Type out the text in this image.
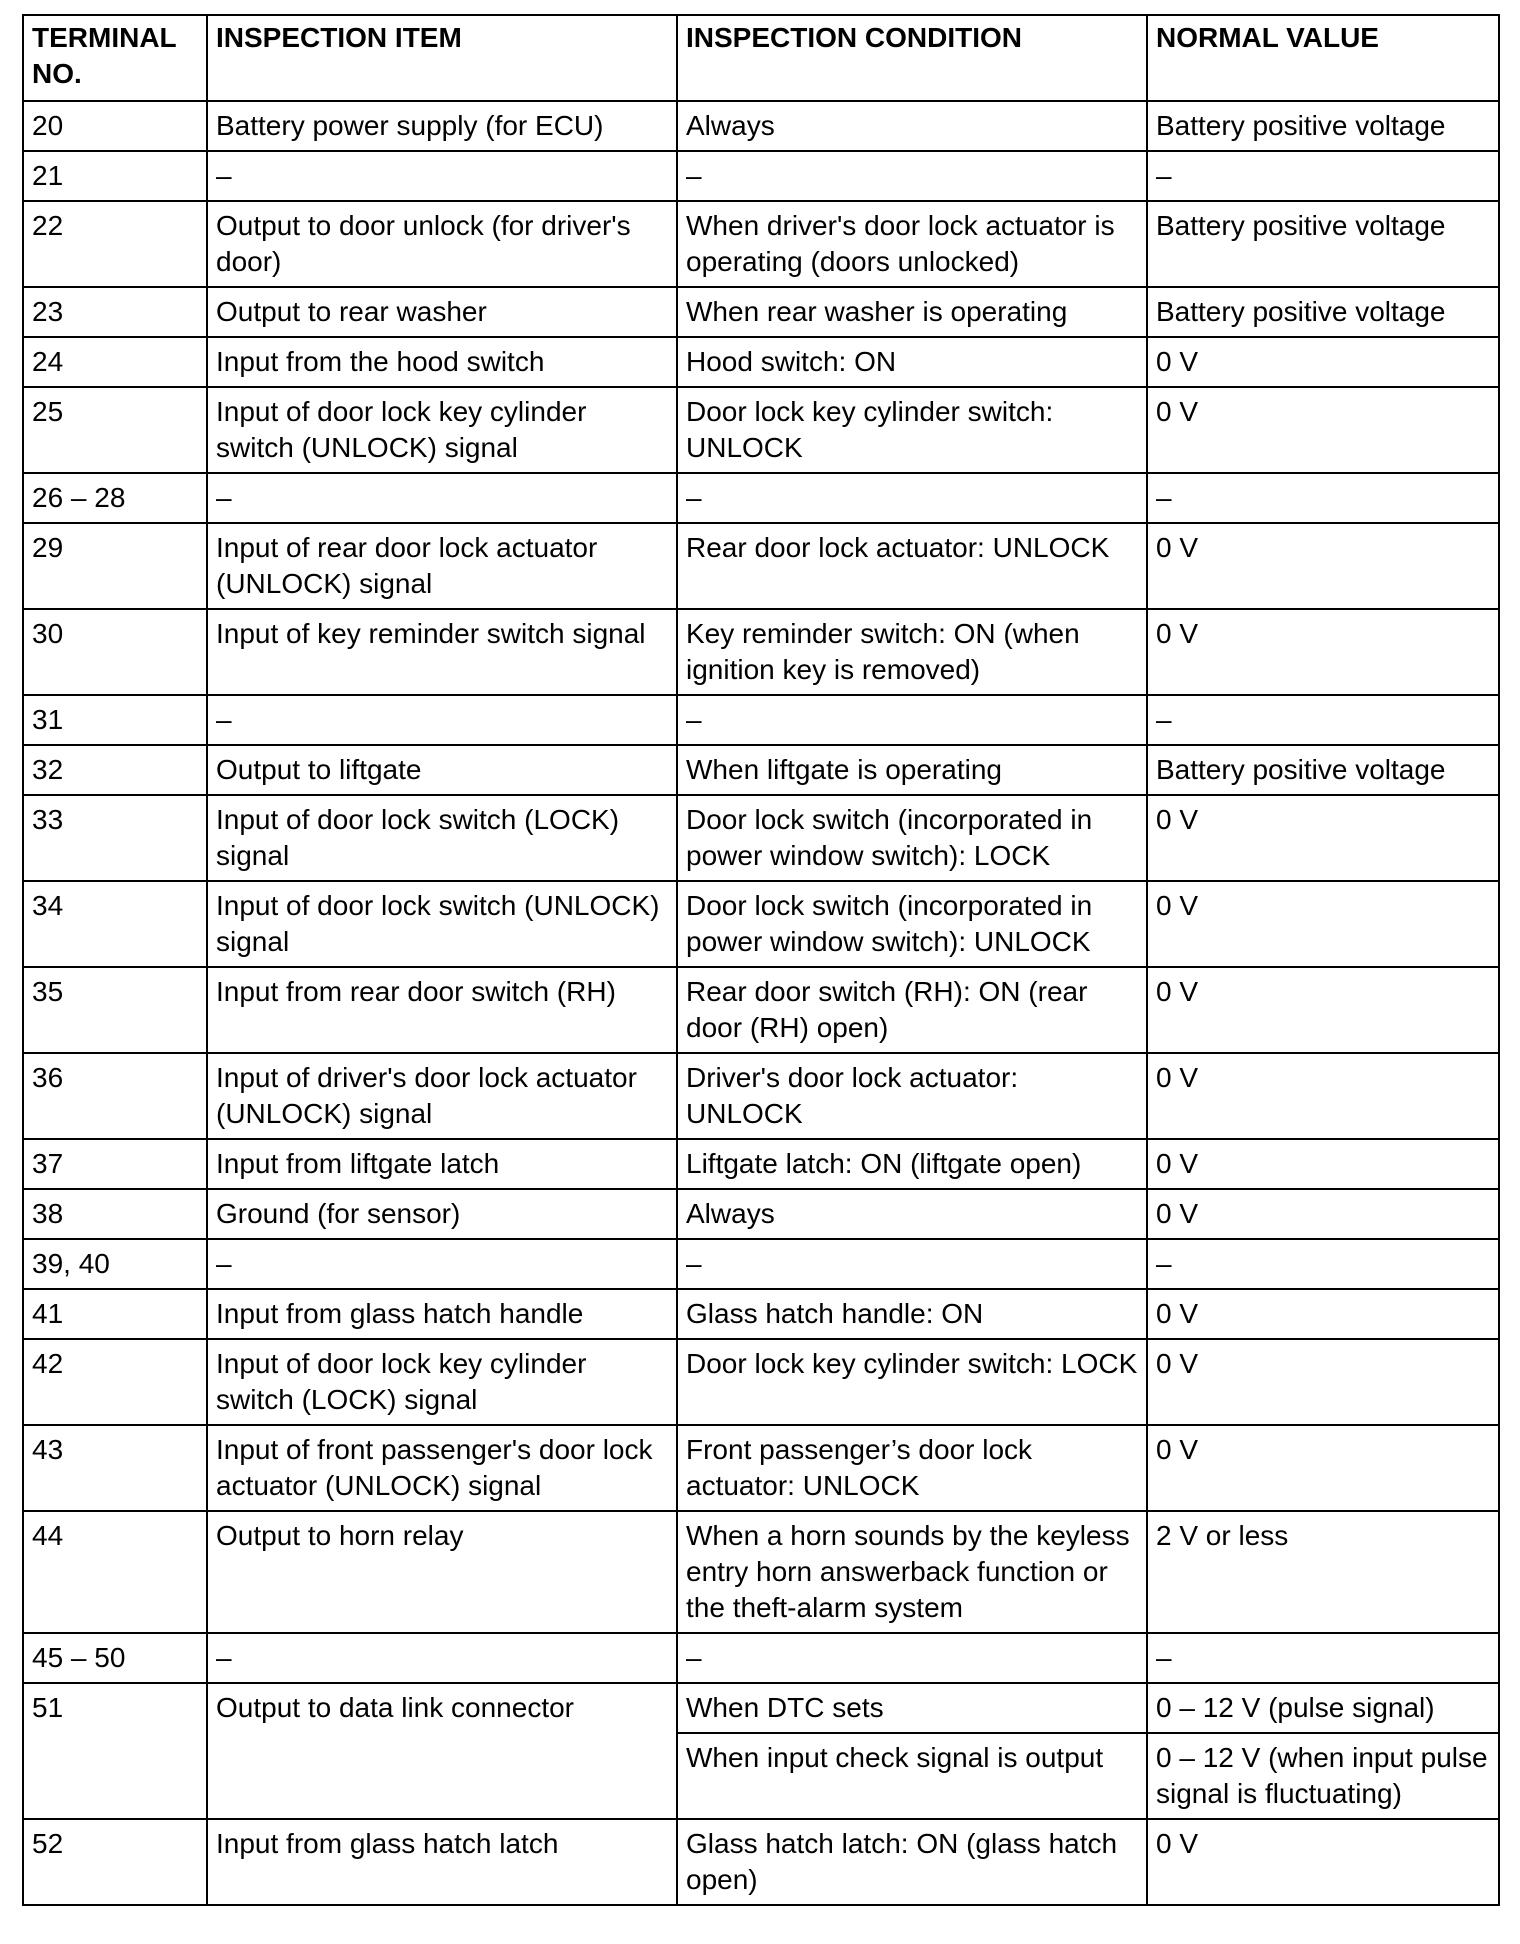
TERMINAL NO.	INSPECTION ITEM	INSPECTION CONDITION	NORMAL VALUE
20	Battery power supply (for ECU)	Always	Battery positive voltage
21	–	–	–
22	Output to door unlock (for driver's door)	When driver's door lock actuator is operating (doors unlocked)	Battery positive voltage
23	Output to rear washer	When rear washer is operating	Battery positive voltage
24	Input from the hood switch	Hood switch: ON	0 V
25	Input of door lock key cylinder switch (UNLOCK) signal	Door lock key cylinder switch: UNLOCK	0 V
26 – 28	–	–	–
29	Input of rear door lock actuator (UNLOCK) signal	Rear door lock actuator: UNLOCK	0 V
30	Input of key reminder switch signal	Key reminder switch: ON (when ignition key is removed)	0 V
31	–	–	–
32	Output to liftgate	When liftgate is operating	Battery positive voltage
33	Input of door lock switch (LOCK) signal	Door lock switch (incorporated in power window switch): LOCK	0 V
34	Input of door lock switch (UNLOCK) signal	Door lock switch (incorporated in power window switch): UNLOCK	0 V
35	Input from rear door switch (RH)	Rear door switch (RH): ON (rear door (RH) open)	0 V
36	Input of driver's door lock actuator (UNLOCK) signal	Driver's door lock actuator: UNLOCK	0 V
37	Input from liftgate latch	Liftgate latch: ON (liftgate open)	0 V
38	Ground (for sensor)	Always	0 V
39, 40	–	–	–
41	Input from glass hatch handle	Glass hatch handle: ON	0 V
42	Input of door lock key cylinder switch (LOCK) signal	Door lock key cylinder switch: LOCK	0 V
43	Input of front passenger's door lock actuator (UNLOCK) signal	Front passenger’s door lock actuator: UNLOCK	0 V
44	Output to horn relay	When a horn sounds by the keyless entry horn answerback function or the theft-alarm system	2 V or less
45 – 50	–	–	–
51	Output to data link connector	When DTC sets	0 – 12 V (pulse signal)
		When input check signal is output	0 – 12 V (when input pulse signal is fluctuating)
52	Input from glass hatch latch	Glass hatch latch: ON (glass hatch open)	0 V
